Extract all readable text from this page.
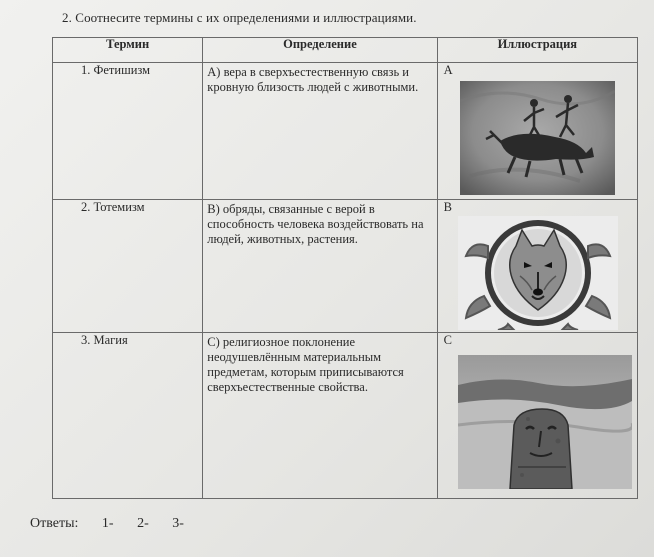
2. Соотнесите термины с их определениями и иллюстрациями.
Термин	Определение	Иллюстрация

1. Фетишизм	А) вера в сверхъестественную связь и кровную близость людей с животными.	А

2. Тотемизм	В) обряды, связанные с верой в способность человека воздействовать на людей, животных, растения.	В

3. Магия	С) религиозное поклонение неодушевлённым материальным предметам, которым приписываются сверхъестественные свойства.	С
Ответы: 1- 2- 3-
